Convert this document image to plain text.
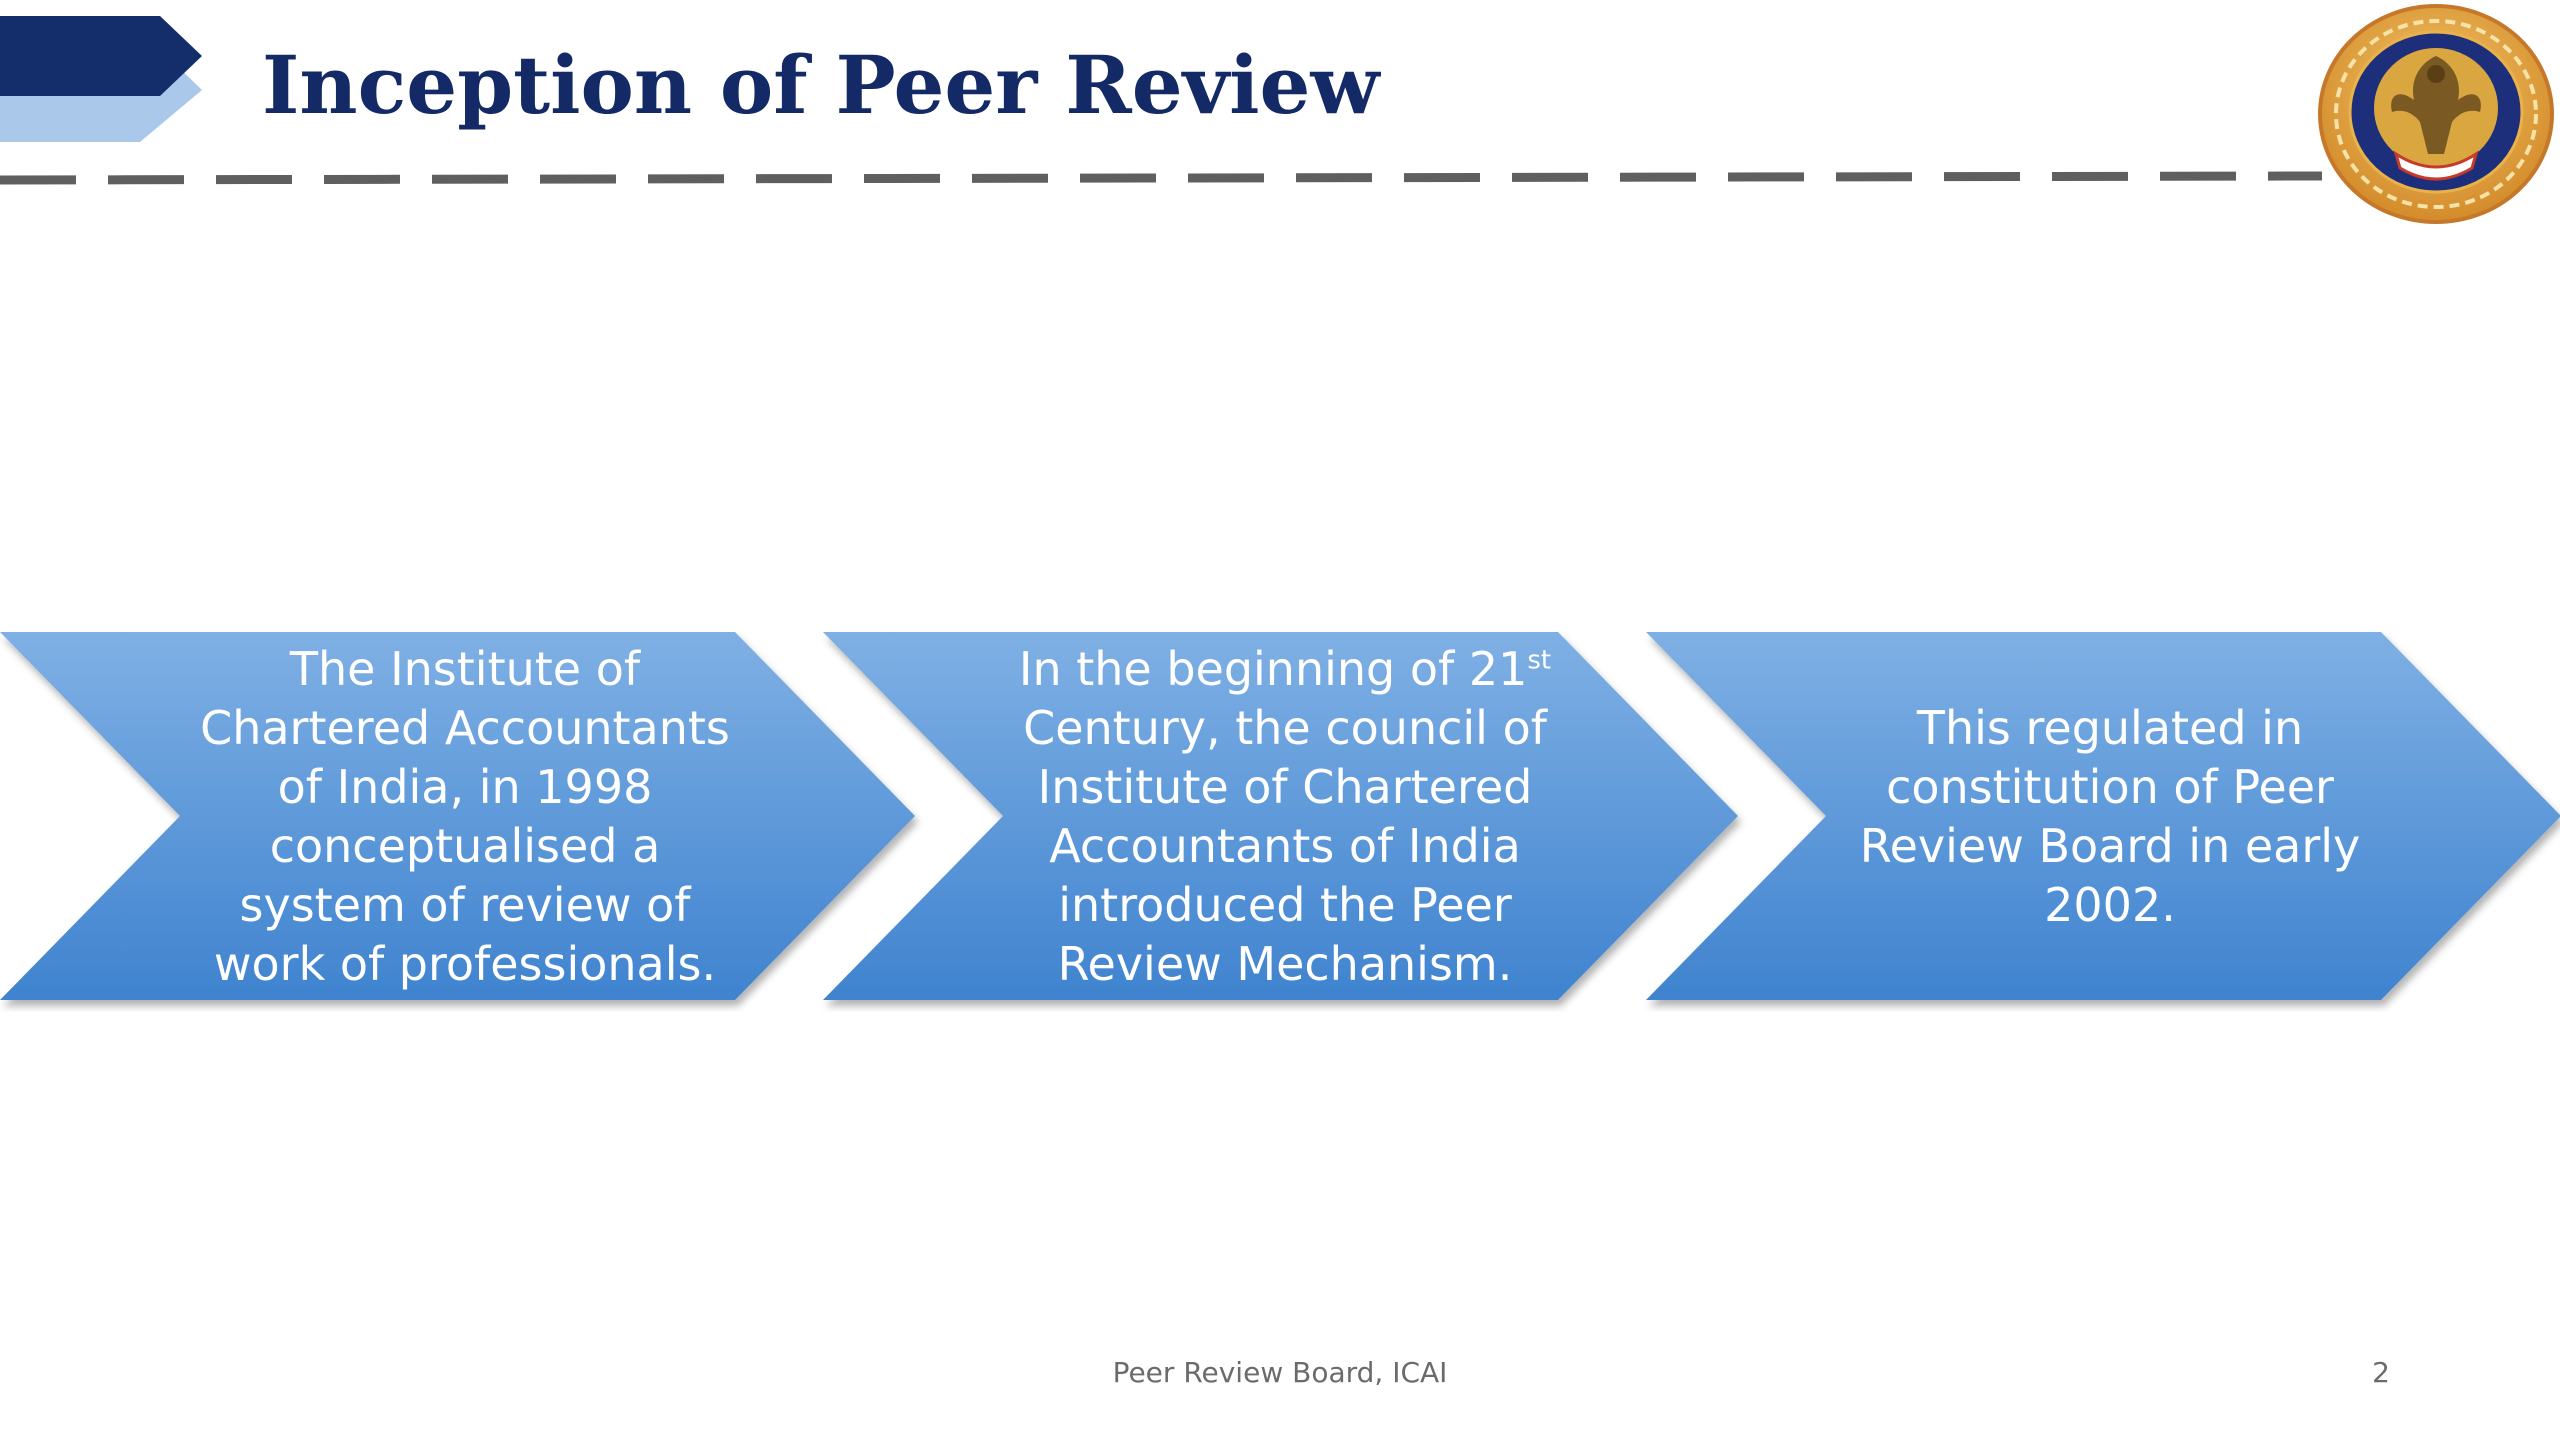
Inception of Peer Review

The Institute of
Chartered Accountants
of India, in 1998
conceptualised a
system of review of
work of professionals.

In the beginning of 21st
Century, the council of
Institute of Chartered
Accountants of India
introduced the Peer
Review Mechanism.

This regulated in
constitution of Peer
Review Board in early
2002.

Peer Review Board, ICAI	2
